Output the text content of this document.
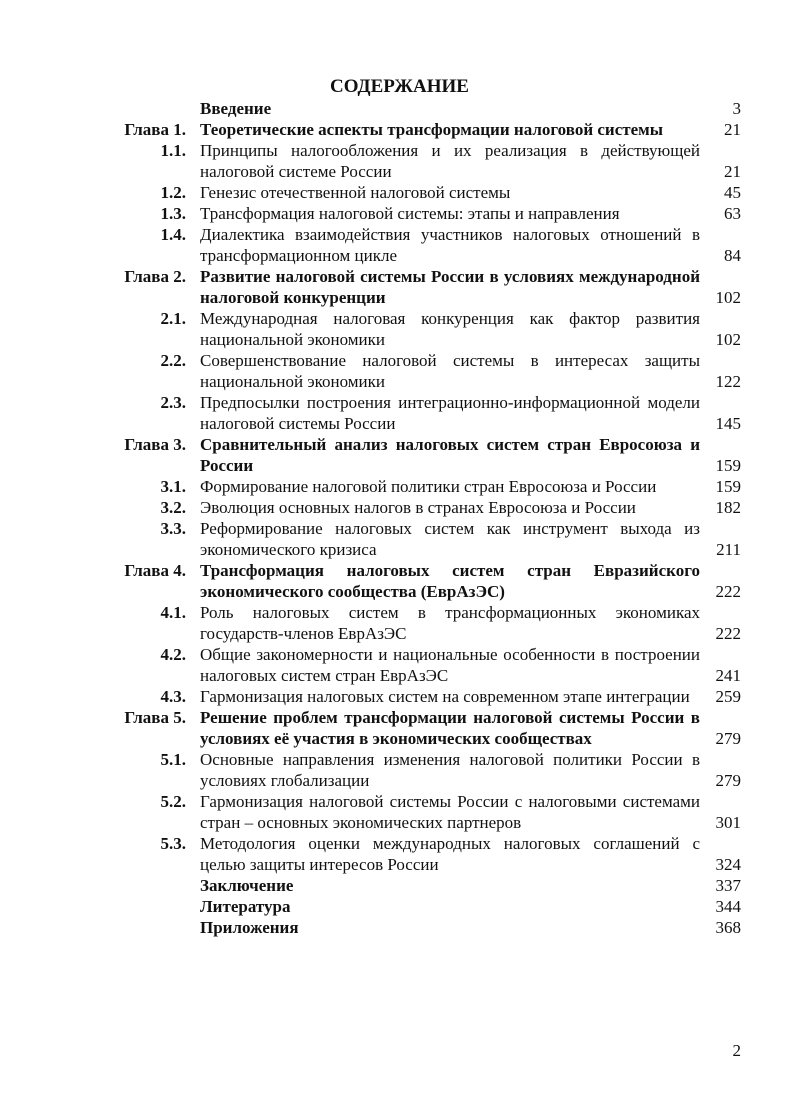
СОДЕРЖАНИЕ
Введение	3
Глава 1. Теоретические аспекты трансформации налоговой системы	21
1.1. Принципы налогообложения и их реализация в действующей налоговой системе России	21
1.2. Генезис отечественной налоговой системы	45
1.3. Трансформация налоговой системы: этапы и направления	63
1.4. Диалектика взаимодействия участников налоговых отношений в трансформационном цикле	84
Глава 2. Развитие налоговой системы России в условиях международной налоговой конкуренции	102
2.1. Международная налоговая конкуренция как фактор развития национальной экономики	102
2.2. Совершенствование налоговой системы в интересах защиты национальной экономики	122
2.3. Предпосылки построения интеграционно-информационной модели налоговой системы России	145
Глава 3. Сравнительный анализ налоговых систем стран Евросоюза и России	159
3.1. Формирование налоговой политики стран Евросоюза и России	159
3.2. Эволюция основных налогов в странах Евросоюза и России	182
3.3. Реформирование налоговых систем как инструмент выхода из экономического кризиса	211
Глава 4. Трансформация налоговых систем стран Евразийского экономического сообщества (ЕврАзЭС)	222
4.1. Роль налоговых систем в трансформационных экономиках государств-членов ЕврАзЭС	222
4.2. Общие закономерности и национальные особенности в построении налоговых систем стран ЕврАзЭС	241
4.3. Гармонизация налоговых систем на современном этапе интеграции	259
Глава 5. Решение проблем трансформации налоговой системы России в условиях её участия в экономических сообществах	279
5.1. Основные направления изменения налоговой политики России в условиях глобализации	279
5.2. Гармонизация налоговой системы России с налоговыми системами стран – основных экономических партнеров	301
5.3. Методология оценки международных налоговых соглашений с целью защиты интересов России	324
Заключение	337
Литература	344
Приложения	368
2
